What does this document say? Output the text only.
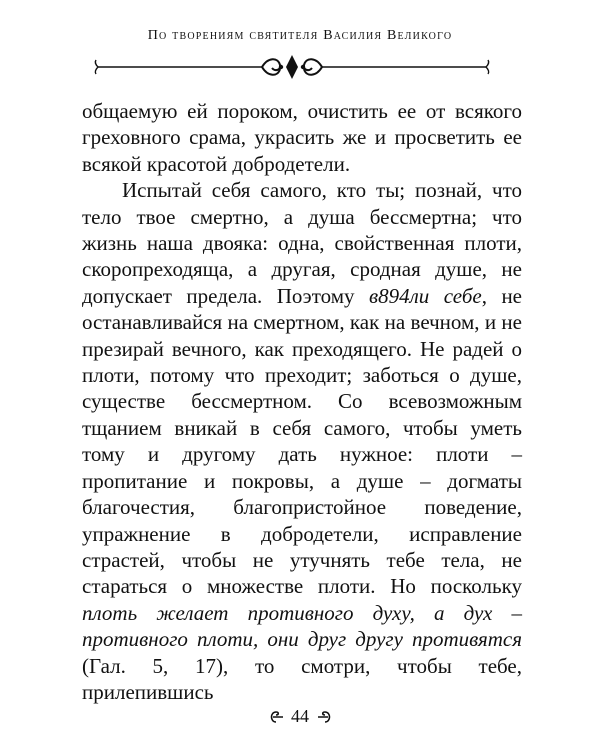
По творениям святителя Василия Великого

общаемую ей пороком, очистить ее от всякого греховного срама, украсить же и просветить ее всякой красотой добродетели.

Испытай себя самого, кто ты; познай, что тело твое смертно, а душа бессмертна; что жизнь наша двояка: одна, свойственная плоти, скоропреходяща, а другая, сродная душе, не допускает предела. Поэтому в894ли себе, не останавливайся на смертном, как на вечном, и не презирай вечного, как преходящего. Не радей о плоти, потому что преходит; заботься о душе, существе бессмертном. Со всевозможным тщанием вникай в себя самого, чтобы уметь тому и другому дать нужное: плоти – пропитание и покровы, а душе – догматы благочестия, благопристойное поведение, упражнение в добродетели, исправление страстей, чтобы не утучнять тебе тела, не стараться о множестве плоти. Но поскольку плоть желает противного духу, а дух – противного плоти, они друг другу противятся (Гал. 5, 17), то смотри, чтобы тебе, прилепившись

44
